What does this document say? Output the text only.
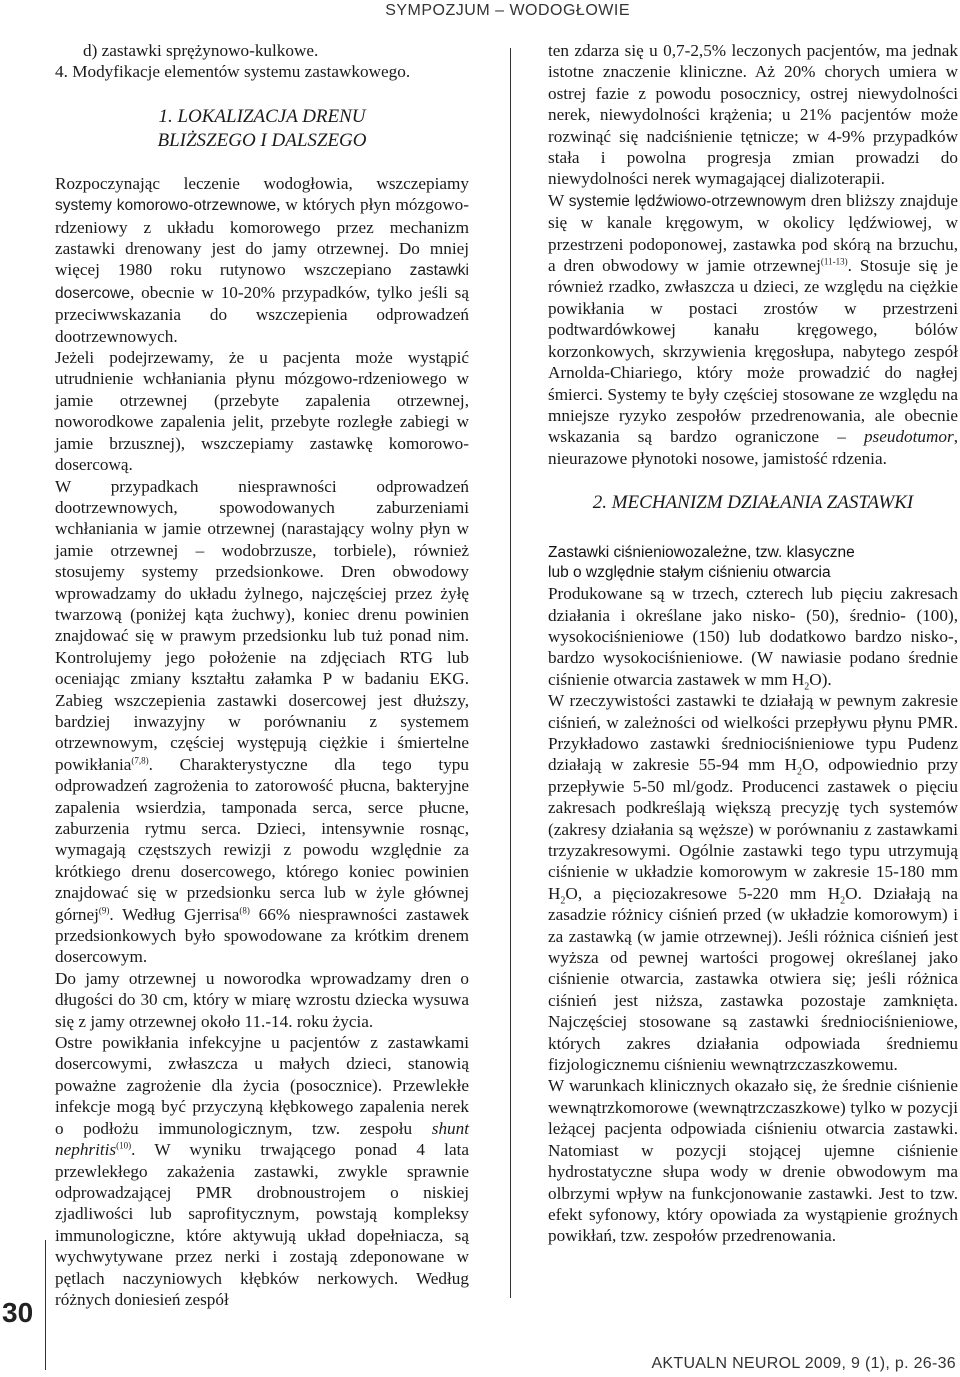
SYMPOZJUM – WODOGŁOWIE
30

d) zastawki sprężynowo-kulkowe.

4. Modyfikacje elementów systemu zastawkowego.

1. LOKALIZACJA DRENU
BLIŻSZEGO I DALSZEGO

Rozpoczynając leczenie wodogłowia, wszczepiamy systemy komorowo-otrzewnowe, w których płyn mózgowo-rdzeniowy z układu komorowego przez mechanizm zastawki drenowany jest do jamy otrzewnej. Do mniej więcej 1980 roku rutynowo wszczepiano zastawki dosercowe, obecnie w 10-20% przypadków, tylko jeśli są przeciwwskazania do wszczepienia odprowadzeń dootrzewnowych.

Jeżeli podejrzewamy, że u pacjenta może wystąpić utrudnienie wchłaniania płynu mózgowo-rdzeniowego w jamie otrzewnej (przebyte zapalenia otrzewnej, noworodkowe zapalenia jelit, przebyte rozległe zabiegi w jamie brzusznej), wszczepiamy zastawkę komorowo-dosercową.

W przypadkach niesprawności odprowadzeń dootrzewnowych, spowodowanych zaburzeniami wchłaniania w jamie otrzewnej (narastający wolny płyn w jamie otrzewnej – wodobrzusze, torbiele), również stosujemy systemy przedsionkowe. Dren obwodowy wprowadzamy do układu żylnego, najczęściej przez żyłę twarzową (poniżej kąta żuchwy), koniec drenu powinien znajdować się w prawym przedsionku lub tuż ponad nim. Kontrolujemy jego położenie na zdjęciach RTG lub oceniając zmiany kształtu załamka P w badaniu EKG. Zabieg wszczepienia zastawki dosercowej jest dłuższy, bardziej inwazyjny w porównaniu z systemem otrzewnowym, częściej występują ciężkie i śmiertelne powikłania$^{(7,8)}$. Charakterystyczne dla tego typu odprowadzeń zagrożenia to zatorowość płucna, bakteryjne zapalenia wsierdzia, tamponada serca, serce płucne, zaburzenia rytmu serca. Dzieci, intensywnie rosnąc, wymagają częstszych rewizji z powodu względnie za krótkiego drenu dosercowego, którego koniec powinien znajdować się w przedsionku serca lub w żyle głównej górnej$^{(9)}$. Według Gjerrisa$^{(8)}$ 66% niesprawności zastawek przedsionkowych było spowodowane za krótkim drenem dosercowym.

Do jamy otrzewnej u noworodka wprowadzamy dren o długości do 30 cm, który w miarę wzrostu dziecka wysuwa się z jamy otrzewnej około 11.-14. roku życia.

Ostre powikłania infekcyjne u pacjentów z zastawkami dosercowymi, zwłaszcza u małych dzieci, stanowią poważne zagrożenie dla życia (posocznice). Przewlekłe infekcje mogą być przyczyną kłębkowego zapalenia nerek o podłożu immunologicznym, tzw. zespołu shunt nephritis$^{(10)}$. W wyniku trwającego ponad 4 lata przewlekłego zakażenia zastawki, zwykle sprawnie odprowadzającej PMR drobnoustrojem o niskiej zjadliwości lub saprofitycznym, powstają kompleksy immunologiczne, które aktywują układ dopełniacza, są wychwytywane przez nerki i zostają zdeponowane w pętlach naczyniowych kłębków nerkowych. Według różnych doniesień zespół

ten zdarza się u 0,7-2,5% leczonych pacjentów, ma jednak istotne znaczenie kliniczne. Aż 20% chorych umiera w ostrej fazie z powodu posocznicy, ostrej niewydolności nerek, niewydolności krążenia; u 21% pacjentów może rozwinąć się nadciśnienie tętnicze; w 4-9% przypadków stała i powolna progresja zmian prowadzi do niewydolności nerek wymagającej dializoterapii.

W systemie lędźwiowo-otrzewnowym dren bliższy znajduje się w kanale kręgowym, w okolicy lędźwiowej, w przestrzeni podoponowej, zastawka pod skórą na brzuchu, a dren obwodowy w jamie otrzewnej$^{(11-13)}$. Stosuje się je również rzadko, zwłaszcza u dzieci, ze względu na ciężkie powikłania w postaci zrostów w przestrzeni podtwardówkowej kanału kręgowego, bólów korzonkowych, skrzywienia kręgosłupa, nabytego zespół Arnolda-Chiariego, który może prowadzić do nagłej śmierci. Systemy te były częściej stosowane ze względu na mniejsze ryzyko zespołów przedrenowania, ale obecnie wskazania są bardzo ograniczone – pseudotumor, nieurazowe płynotoki nosowe, jamistość rdzenia.

2. MECHANIZM DZIAŁANIA ZASTAWKI

Zastawki ciśnieniowozależne, tzw. klasyczne
lub o względnie stałym ciśnieniu otwarcia

Produkowane są w trzech, czterech lub pięciu zakresach działania i określane jako nisko- (50), średnio- (100), wysokociśnieniowe (150) lub dodatkowo bardzo nisko-, bardzo wysokociśnieniowe. (W nawiasie podano średnie ciśnienie otwarcia zastawek w mm $H_2O$).

W rzeczywistości zastawki te działają w pewnym zakresie ciśnień, w zależności od wielkości przepływu płynu PMR. Przykładowo zastawki średniociśnieniowe typu Pudenz działają w zakresie 55-94 mm $H_2O$, odpowiednio przy przepływie 5-50 ml/godz. Producenci zastawek o pięciu zakresach podkreślają większą precyzję tych systemów (zakresy działania są węższe) w porównaniu z zastawkami trzyzakresowymi. Ogólnie zastawki tego typu utrzymują ciśnienie w układzie komorowym w zakresie 15-180 mm $H_2O$, a pięciozakresowe 5-220 mm $H_2O$. Działają na zasadzie różnicy ciśnień przed (w układzie komorowym) i za zastawką (w jamie otrzewnej). Jeśli różnica ciśnień jest wyższa od pewnej wartości progowej określanej jako ciśnienie otwarcia, zastawka otwiera się; jeśli różnica ciśnień jest niższa, zastawka pozostaje zamknięta. Najczęściej stosowane są zastawki średniociśnieniowe, których zakres działania odpowiada średniemu fizjologicznemu ciśnieniu wewnątrzczaszkowemu.

W warunkach klinicznych okazało się, że średnie ciśnienie wewnątrzkomorowe (wewnątrzczaszkowe) tylko w pozycji leżącej pacjenta odpowiada ciśnieniu otwarcia zastawki. Natomiast w pozycji stojącej ujemne ciśnienie hydrostatyczne słupa wody w drenie obwodowym ma olbrzymi wpływ na funkcjonowanie zastawki. Jest to tzw. efekt syfonowy, który opowiada za wystąpienie groźnych powikłań, tzw. zespołów przedrenowania.

AKTUALN NEUROL 2009, 9 (1), p. 26-36
